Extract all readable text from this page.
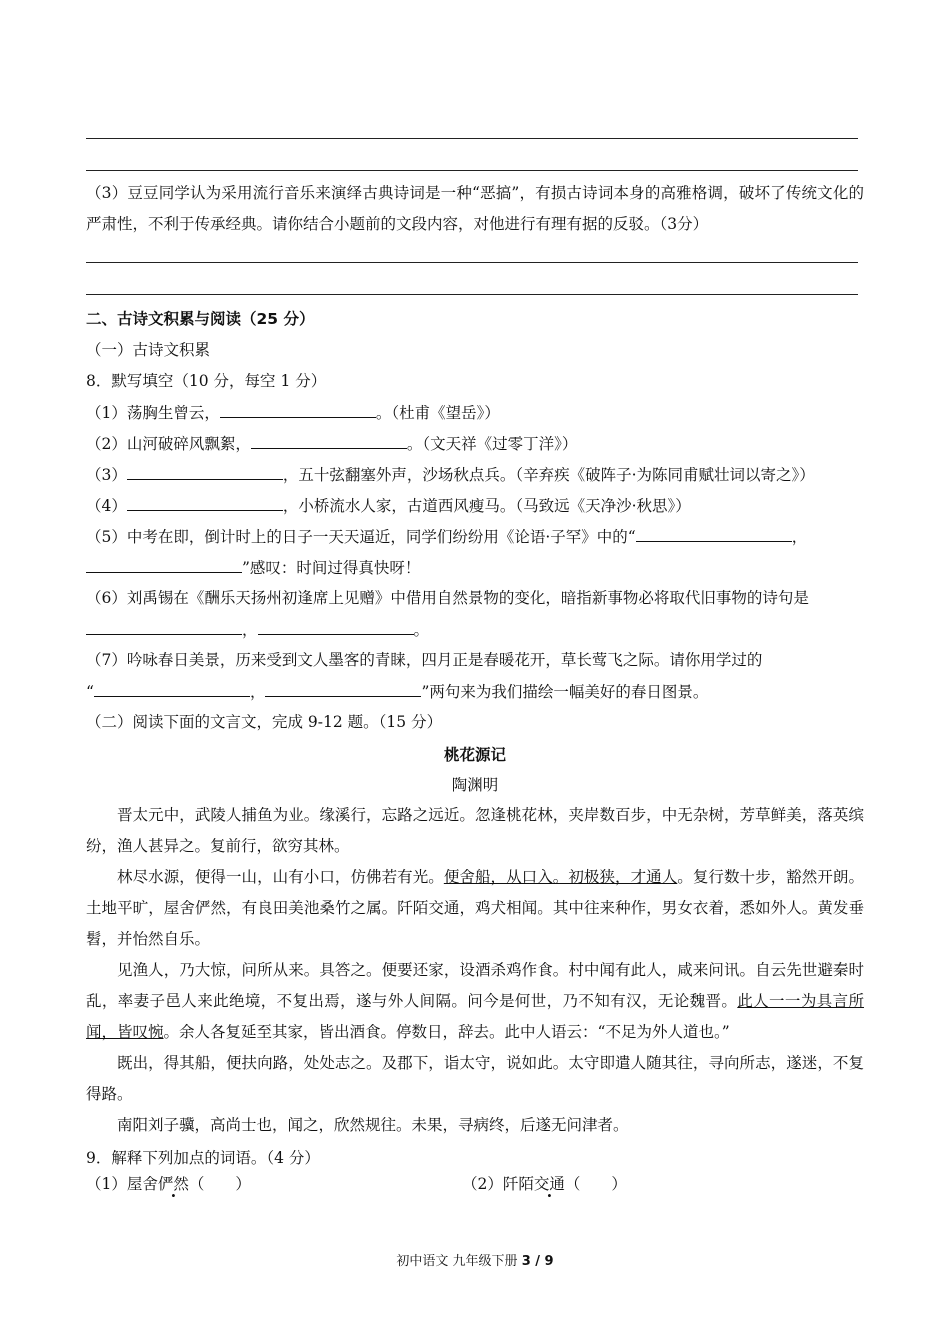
（3）豆豆同学认为采用流行音乐来演绎古典诗词是一种“恶搞”，有损古诗词本身的高雅格调，破坏了传统文化的严肃性，不利于传承经典。请你结合小题前的文段内容，对他进行有理有据的反驳。（3分）
二、古诗文积累与阅读（25 分）
（一）古诗文积累
8．默写填空（10 分，每空 1 分）
（1）荡胸生曾云，	。（杜甫《望岳》）
（2）山河破碎风飘絮，	。（文天祥《过零丁洋》）
（3）	，五十弦翻塞外声，沙场秋点兵。（辛弃疾《破阵子·为陈同甫赋壮词以寄之》）
（4）	，小桥流水人家，古道西风瘦马。（马致远《天净沙·秋思》）
（5）中考在即，倒计时上的日子一天天逼近，同学们纷纷用《论语·子罕》中的“	，
”感叹：时间过得真快呀！
（6）刘禹锡在《酬乐天扬州初逢席上见赠》中借用自然景物的变化，暗指新事物必将取代旧事物的诗句是
，	。
（7）吟咏春日美景，历来受到文人墨客的青睐，四月正是春暖花开，草长莺飞之际。请你用学过的
“	，	”两句来为我们描绘一幅美好的春日图景。
（二）阅读下面的文言文，完成 9-12 题。（15 分）
桃花源记
陶渊明
晋太元中，武陵人捕鱼为业。缘溪行，忘路之远近。忽逢桃花林，夹岸数百步，中无杂树，芳草鲜美，落英缤纷，渔人甚异之。复前行，欲穷其林。
林尽水源，便得一山，山有小口，仿佛若有光。便舍船，从口入。初极狭，才通人。复行数十步，豁然开朗。土地平旷，屋舍俨然，有良田美池桑竹之属。阡陌交通，鸡犬相闻。其中往来种作，男女衣着，悉如外人。黄发垂髫，并怡然自乐。
见渔人，乃大惊，问所从来。具答之。便要还家，设酒杀鸡作食。村中闻有此人，咸来问讯。自云先世避秦时乱，率妻子邑人来此绝境，不复出焉，遂与外人间隔。问今是何世，乃不知有汉，无论魏晋。此人一一为具言所闻，皆叹惋。余人各复延至其家，皆出酒食。停数日，辞去。此中人语云：“不足为外人道也。”
既出，得其船，便扶向路，处处志之。及郡下，诣太守，说如此。太守即遣人随其往，寻向所志，遂迷，不复得路。
南阳刘子骥，高尚士也，闻之，欣然规往。未果，寻病终，后遂无问津者。
9．解释下列加点的词语。（4 分）
（1）屋舍俨然（　　）	（2）阡陌交通（　　）
初中语文 九年级下册 3 / 9
